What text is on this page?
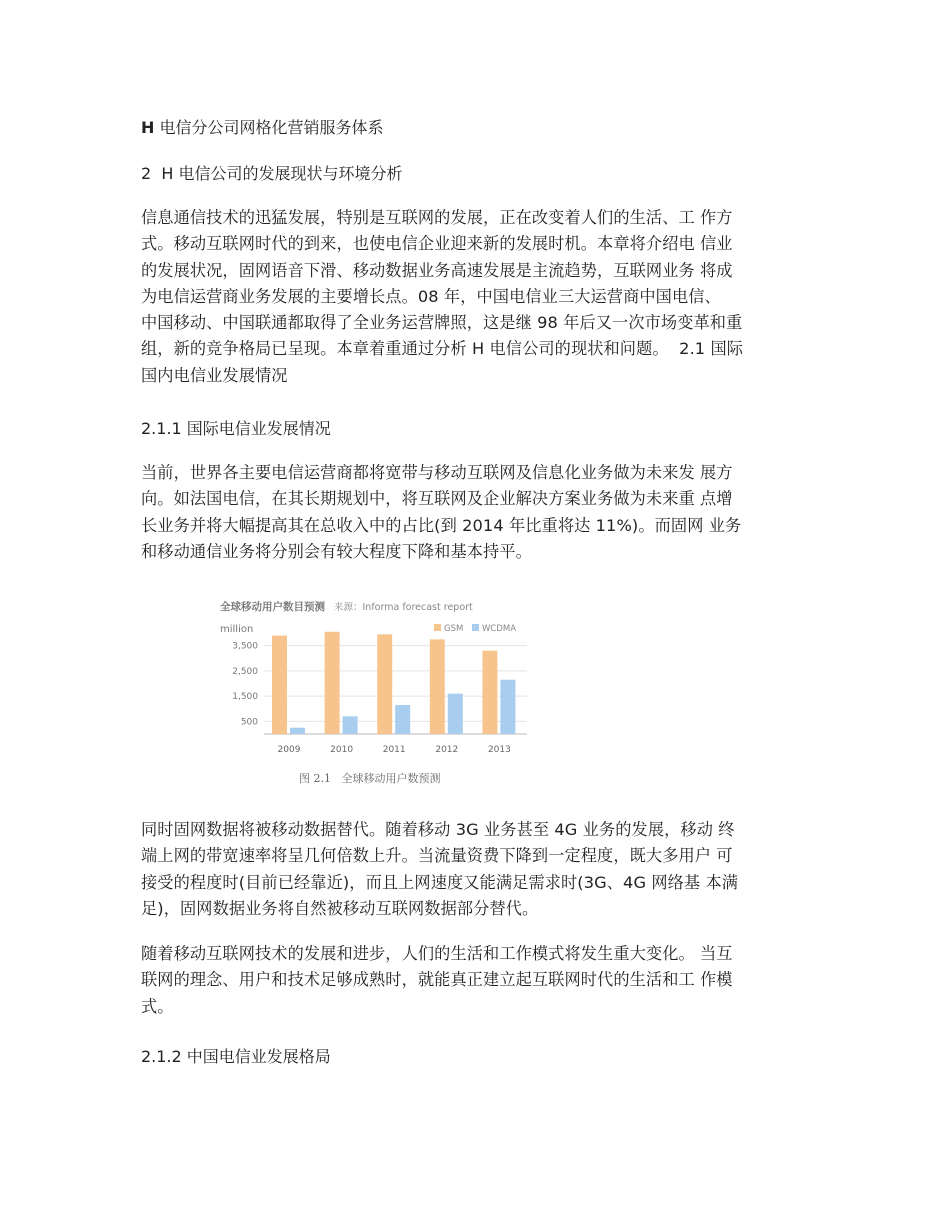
H 电信分公司网格化营销服务体系
2  H 电信公司的发展现状与环境分析
信息通信技术的迅猛发展，特别是互联网的发展，正在改变着人们的生活、工 作方
式。移动互联网时代的到来，也使电信企业迎来新的发展时机。本章将介绍电 信业
的发展状况，固网语音下滑、移动数据业务高速发展是主流趋势，互联网业务 将成
为电信运营商业务发展的主要增长点。08 年，中国电信业三大运营商中国电信、
中国移动、中国联通都取得了全业务运营牌照，这是继 98 年后又一次市场变革和重
组，新的竞争格局已呈现。本章着重通过分析 H 电信公司的现状和问题。  2.1 国际
国内电信业发展情况
2.1.1 国际电信业发展情况
当前，世界各主要电信运营商都将宽带与移动互联网及信息化业务做为未来发 展方
向。如法国电信，在其长期规划中，将互联网及企业解决方案业务做为未来重 点增
长业务并将大幅提高其在总收入中的占比(到 2014 年比重将达 11%)。而固网 业务
和移动通信业务将分别会有较大程度下降和基本持平。
全球移动用户数目预测 来源：Informa forecast report
million	GSM WCDMA
3,500
2,500
1,500
500
2009	2010	2011	2012	2013
图 2.1   全球移动用户数预测
同时固网数据将被移动数据替代。随着移动 3G 业务甚至 4G 业务的发展，移动 终
端上网的带宽速率将呈几何倍数上升。当流量资费下降到一定程度，既大多用户 可
接受的程度时(目前已经靠近)，而且上网速度又能满足需求时(3G、4G 网络基 本满
足)，固网数据业务将自然被移动互联网数据部分替代。
随着移动互联网技术的发展和进步，人们的生活和工作模式将发生重大变化。 当互
联网的理念、用户和技术足够成熟时，就能真正建立起互联网时代的生活和工 作模
式。
2.1.2 中国电信业发展格局
